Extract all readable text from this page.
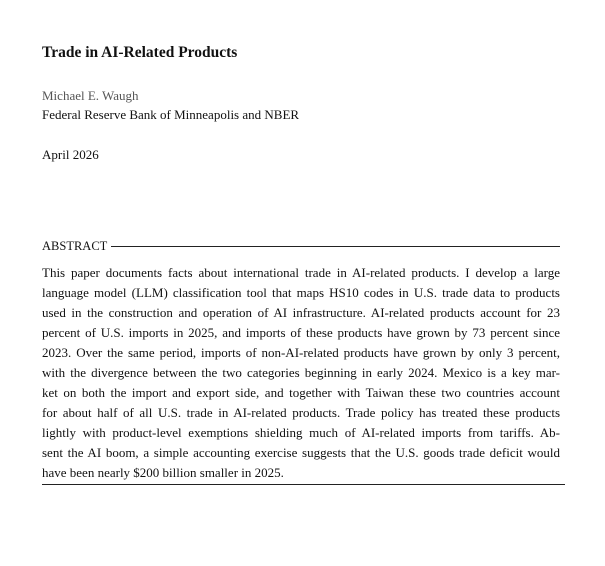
Trade in AI-Related Products
Michael E. Waugh
Federal Reserve Bank of Minneapolis and NBER
April 2026
ABSTRACT
This paper documents facts about international trade in AI-related products. I develop a large
language model (LLM) classification tool that maps HS10 codes in U.S. trade data to products
used in the construction and operation of AI infrastructure. AI-related products account for 23
percent of U.S. imports in 2025, and imports of these products have grown by 73 percent since
2023. Over the same period, imports of non-AI-related products have grown by only 3 percent,
with the divergence between the two categories beginning in early 2024. Mexico is a key mar-
ket on both the import and export side, and together with Taiwan these two countries account
for about half of all U.S. trade in AI-related products. Trade policy has treated these products
lightly with product-level exemptions shielding much of AI-related imports from tariffs. Ab-
sent the AI boom, a simple accounting exercise suggests that the U.S. goods trade deficit would
have been nearly $200 billion smaller in 2025.
